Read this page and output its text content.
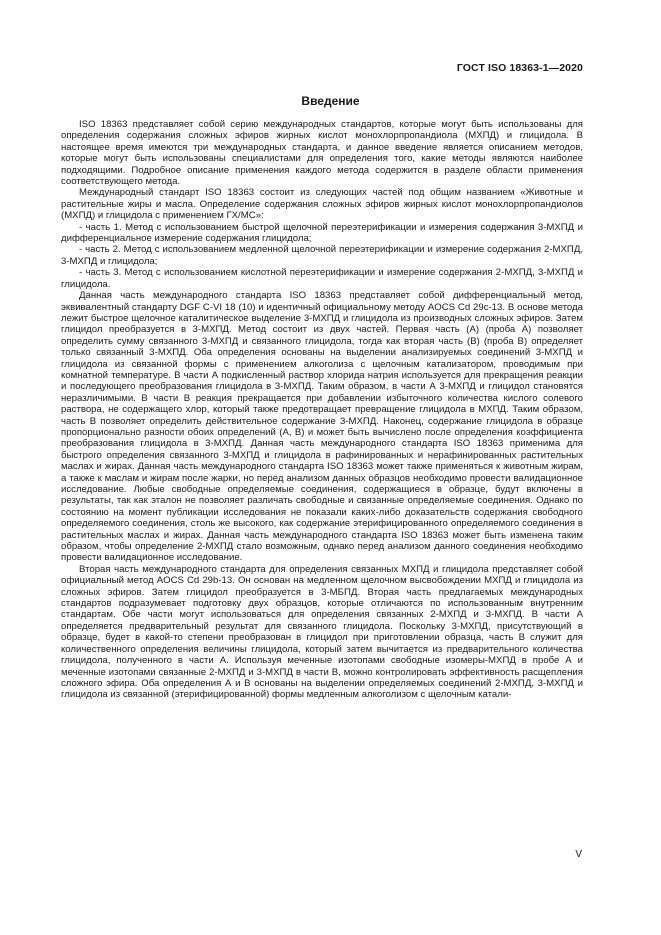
ГОСТ ISO 18363-1—2020
Введение

ISO 18363 представляет собой серию международных стандартов, которые могут быть использованы для определения содержания сложных эфиров жирных кислот монохлорпропандиола (МХПД) и глицидола. В настоящее время имеются три международных стандарта, и данное введение является описанием методов, которые могут быть использованы специалистами для определения того, какие методы являются наиболее подходящими. Подробное описание применения каждого метода содержится в разделе области применения соответствующего метода.

Международный стандарт ISO 18363 состоит из следующих частей под общим названием «Животные и растительные жиры и масла. Определение содержания сложных эфиров жирных кислот монохлорпропандиолов (МХПД) и глицидола с применением ГХ/МС»:

- часть 1. Метод с использованием быстрой щелочной переэтерификации и измерения содержания 3-МХПД и дифференциальное измерение содержания глицидола;

- часть 2. Метод с использованием медленной щелочной переэтерификации и измерение содержания 2-МХПД, 3-МХПД и глицидола;

- часть 3. Метод с использованием кислотной переэтерификации и измерение содержания 2-МХПД, 3-МХПД и глицидола.

Данная часть международного стандарта ISO 18363 представляет собой дифференциальный метод, эквивалентный стандарту DGF C-VI 18 (10) и идентичный официальному методу AOCS Cd 29c-13. В основе метода лежит быстрое щелочное каталитическое выделение 3-МХПД и глицидола из производных сложных эфиров. Затем глицидол преобразуется в 3-МХПД. Метод состоит из двух частей. Первая часть (А) (проба А) позволяет определить сумму связанного 3-МХПД и связанного глицидола, тогда как вторая часть (В) (проба В) определяет только связанный 3-МХПД. Оба определения основаны на выделении анализируемых соединений 3-МХПД и глицидола из связанной формы с применением алкоголиза с щелочным катализатором, проводимым при комнатной температуре. В части А подкисленный раствор хлорида натрия используется для прекращения реакции и последующего преобразования глицидола в 3-МХПД. Таким образом, в части А 3-МХПД и глицидол становятся неразличимыми. В части В реакция прекращается при добавлении избыточного количества кислого солевого раствора, не содержащего хлор, который также предотвращает превращение глицидола в МХПД. Таким образом, часть В позволяет определить действительное содержание 3-МХПД. Наконец, содержание глицидола в образце пропорционально разности обоих определений (А, В) и может быть вычислено после определения коэффициента преобразования глицидола в 3-МХПД. Данная часть международного стандарта ISO 18363 применима для быстрого определения связанного 3-МХПД и глицидола в рафинированных и нерафинированных растительных маслах и жирах. Данная часть международного стандарта ISO 18363 может также применяться к животным жирам, а также к маслам и жирам после жарки, но перед анализом данных образцов необходимо провести валидационное исследование. Любые свободные определяемые соединения, содержащиеся в образце, будут включены в результаты, так как эталон не позволяет различать свободные и связанные определяемые соединения. Однако по состоянию на момент публикации исследования не показали каких-либо доказательств содержания свободного определяемого соединения, столь же высокого, как содержание этерифицированного определяемого соединения в растительных маслах и жирах. Данная часть международного стандарта ISO 18363 может быть изменена таким образом, чтобы определение 2-МХПД стало возможным, однако перед анализом данного соединения необходимо провести валидационное исследование.

Вторая часть международного стандарта для определения связанных МХПД и глицидола представляет собой официальный метод AOCS Cd 29b-13. Он основан на медленном щелочном высвобождении МХПД и глицидола из сложных эфиров. Затем глицидол преобразуется в 3-МБПД. Вторая часть предлагаемых международных стандартов подразумевает подготовку двух образцов, которые отличаются по использованным внутренним стандартам. Обе части могут использоваться для определения связанных 2-МХПД и 3-МХПД. В части А определяется предварительный результат для связанного глицидола. Поскольку 3-МХПД, присутствующий в образце, будет в какой-то степени преобразован в глицидол при приготовлении образца, часть В служит для количественного определения величины глицидола, который затем вычитается из предварительного количества глицидола, полученного в части А. Используя меченные изотопами свободные изомеры-МХПД в пробе А и меченные изотопами связанные 2-МХПД и 3-МХПД в части В, можно контролировать эффективность расщепления сложного эфира. Оба определения А и В основаны на выделении определяемых соединений 2-МХПД, 3-МХПД и глицидола из связанной (этерифицированной) формы медленным алкоголизом с щелочным катали-

V
